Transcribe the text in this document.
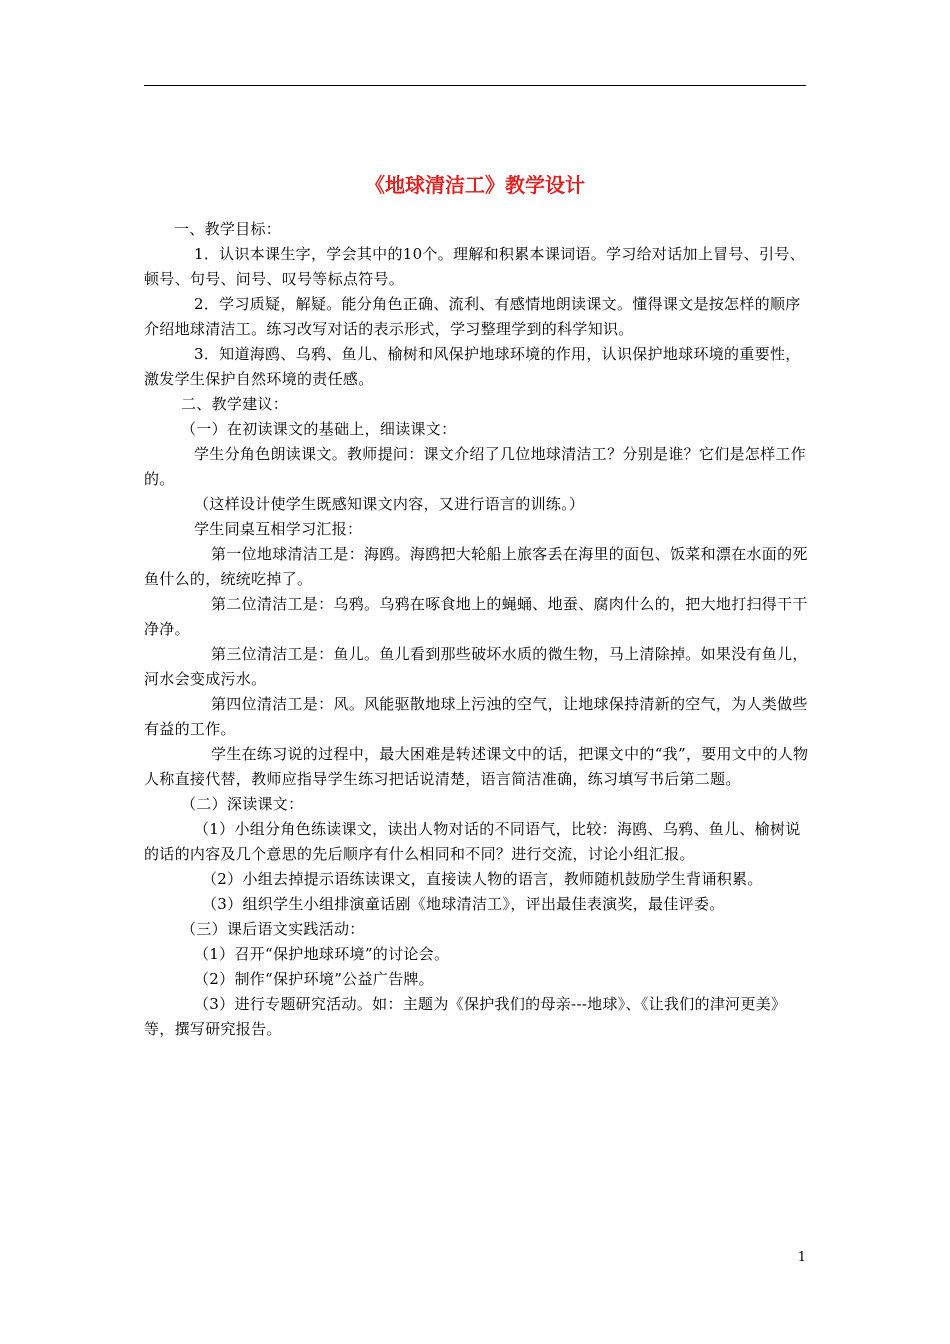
《地球清洁工》教学设计

一、教学目标：

1．认识本课生字，学会其中的10个。理解和积累本课词语。学习给对话加上冒号、引号、顿号、句号、问号、叹号等标点符号。

2．学习质疑，解疑。能分角色正确、流利、有感情地朗读课文。懂得课文是按怎样的顺序介绍地球清洁工。练习改写对话的表示形式，学习整理学到的科学知识。

3．知道海鸥、乌鸦、鱼儿、榆树和风保护地球环境的作用，认识保护地球环境的重要性，激发学生保护自然环境的责任感。

二、教学建议：

（一）在初读课文的基础上，细读课文：

学生分角色朗读课文。教师提问：课文介绍了几位地球清洁工？分别是谁？它们是怎样工作的。

（这样设计使学生既感知课文内容，又进行语言的训练。）

学生同桌互相学习汇报：

第一位地球清洁工是：海鸥。海鸥把大轮船上旅客丢在海里的面包、饭菜和漂在水面的死鱼什么的，统统吃掉了。

第二位清洁工是：乌鸦。乌鸦在啄食地上的蝇蛹、地蚕、腐肉什么的，把大地打扫得干干净净。

第三位清洁工是：鱼儿。鱼儿看到那些破坏水质的微生物，马上清除掉。如果没有鱼儿，河水会变成污水。

第四位清洁工是：风。风能驱散地球上污浊的空气，让地球保持清新的空气，为人类做些有益的工作。

学生在练习说的过程中，最大困难是转述课文中的话，把课文中的“我”，要用文中的人物人称直接代替，教师应指导学生练习把话说清楚，语言简洁准确，练习填写书后第二题。

（二）深读课文：

（1）小组分角色练读课文，读出人物对话的不同语气，比较：海鸥、乌鸦、鱼儿、榆树说的话的内容及几个意思的先后顺序有什么相同和不同？进行交流，讨论小组汇报。

（2）小组去掉提示语练读课文，直接读人物的语言，教师随机鼓励学生背诵积累。

（3）组织学生小组排演童话剧《地球清洁工》，评出最佳表演奖，最佳评委。

（三）课后语文实践活动：

（1）召开“保护地球环境”的讨论会。

（2）制作“保护环境”公益广告牌。

（3）进行专题研究活动。如：主题为《保护我们的母亲---地球》、《让我们的津河更美》等，撰写研究报告。

1
